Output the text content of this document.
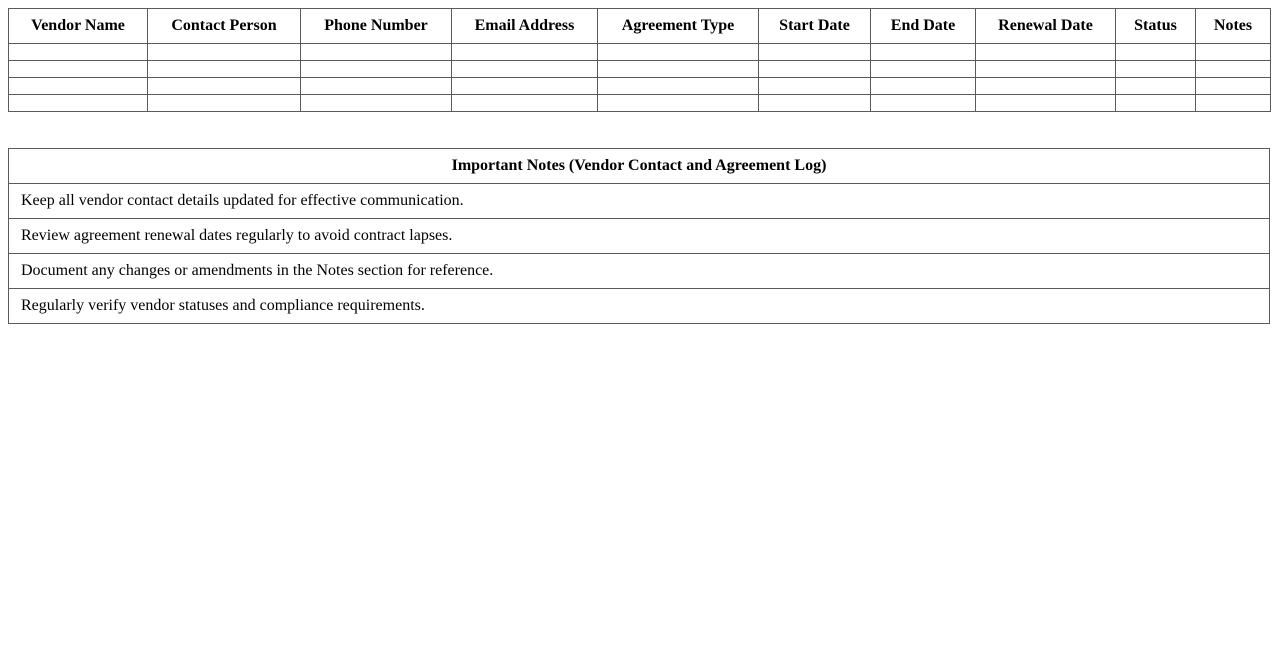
Vendor Name	Contact Person	Phone Number	Email Address	Agreement Type	Start Date	End Date	Renewal Date	Status	Notes

Important Notes (Vendor Contact and Agreement Log)
Keep all vendor contact details updated for effective communication.
Review agreement renewal dates regularly to avoid contract lapses.
Document any changes or amendments in the Notes section for reference.
Regularly verify vendor statuses and compliance requirements.
